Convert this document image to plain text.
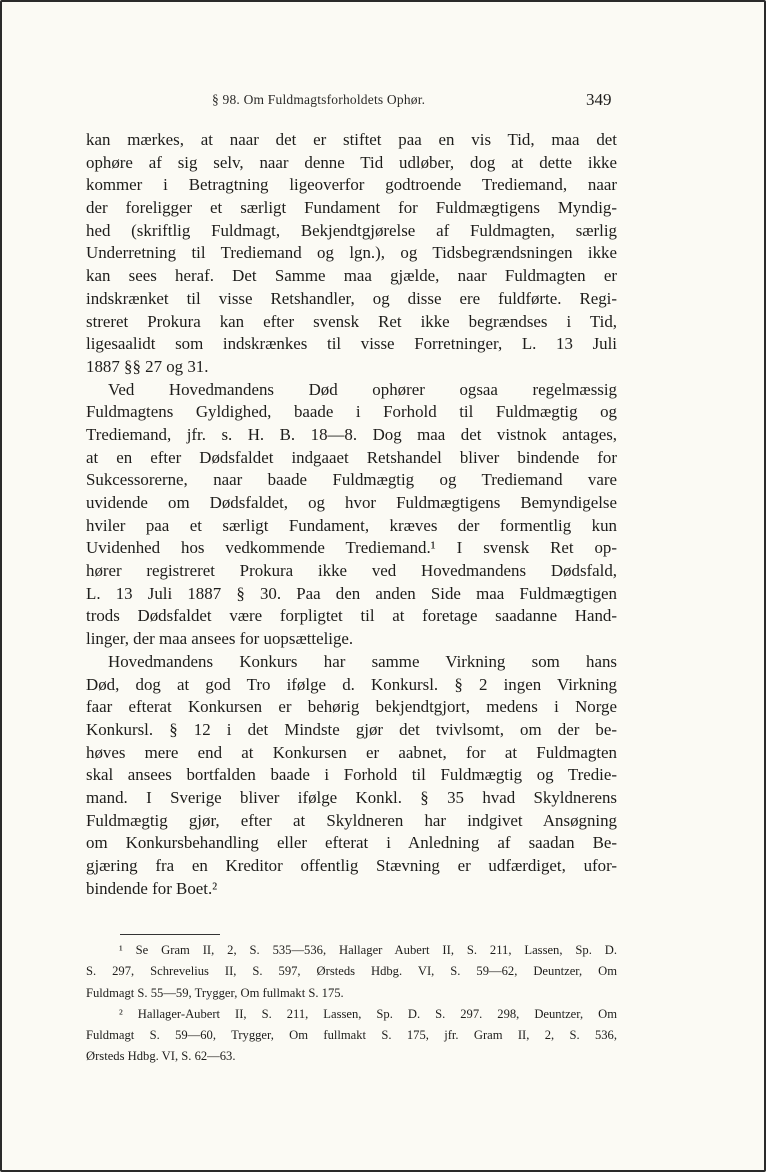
§ 98. Om Fuldmagtsforholdets Ophør.	349
kan mærkes, at naar det er stiftet paa en vis Tid, maa det
ophøre af sig selv, naar denne Tid udløber, dog at dette ikke
kommer i Betragtning ligeoverfor godtroende Trediemand, naar
der foreligger et særligt Fundament for Fuldmægtigens Myndig-
hed (skriftlig Fuldmagt, Bekjendtgjørelse af Fuldmagten, særlig
Underretning til Trediemand og lgn.), og Tidsbegrændsningen ikke
kan sees heraf. Det Samme maa gjælde, naar Fuldmagten er
indskrænket til visse Retshandler, og disse ere fuldførte. Regi-
streret Prokura kan efter svensk Ret ikke begrændses i Tid,
ligesaalidt som indskrænkes til visse Forretninger, L. 13 Juli
1887 §§ 27 og 31.
Ved Hovedmandens Død ophører ogsaa regelmæssig
Fuldmagtens Gyldighed, baade i Forhold til Fuldmægtig og
Trediemand, jfr. s. H. B. 18—8. Dog maa det vistnok antages,
at en efter Dødsfaldet indgaaet Retshandel bliver bindende for
Sukcessorerne, naar baade Fuldmægtig og Trediemand vare
uvidende om Dødsfaldet, og hvor Fuldmægtigens Bemyndigelse
hviler paa et særligt Fundament, kræves der formentlig kun
Uvidenhed hos vedkommende Trediemand.¹ I svensk Ret op-
hører registreret Prokura ikke ved Hovedmandens Dødsfald,
L. 13 Juli 1887 § 30. Paa den anden Side maa Fuldmægtigen
trods Dødsfaldet være forpligtet til at foretage saadanne Hand-
linger, der maa ansees for uopsættelige.
Hovedmandens Konkurs har samme Virkning som hans
Død, dog at god Tro ifølge d. Konkursl. § 2 ingen Virkning
faar efterat Konkursen er behørig bekjendtgjort, medens i Norge
Konkursl. § 12 i det Mindste gjør det tvivlsomt, om der be-
høves mere end at Konkursen er aabnet, for at Fuldmagten
skal ansees bortfalden baade i Forhold til Fuldmægtig og Tredie-
mand. I Sverige bliver ifølge Konkl. § 35 hvad Skyldnerens
Fuldmægtig gjør, efter at Skyldneren har indgivet Ansøgning
om Konkursbehandling eller efterat i Anledning af saadan Be-
gjæring fra en Kreditor offentlig Stævning er udfærdiget, ufor-
bindende for Boet.²
¹ Se Gram II, 2, S. 535—536, Hallager Aubert II, S. 211, Lassen, Sp. D.
S. 297, Schrevelius II, S. 597, Ørsteds Hdbg. VI, S. 59—62, Deuntzer, Om
Fuldmagt S. 55—59, Trygger, Om fullmakt S. 175.
² Hallager-Aubert II, S. 211, Lassen, Sp. D. S. 297. 298, Deuntzer, Om
Fuldmagt S. 59—60, Trygger, Om fullmakt S. 175, jfr. Gram II, 2, S. 536,
Ørsteds Hdbg. VI, S. 62—63.
